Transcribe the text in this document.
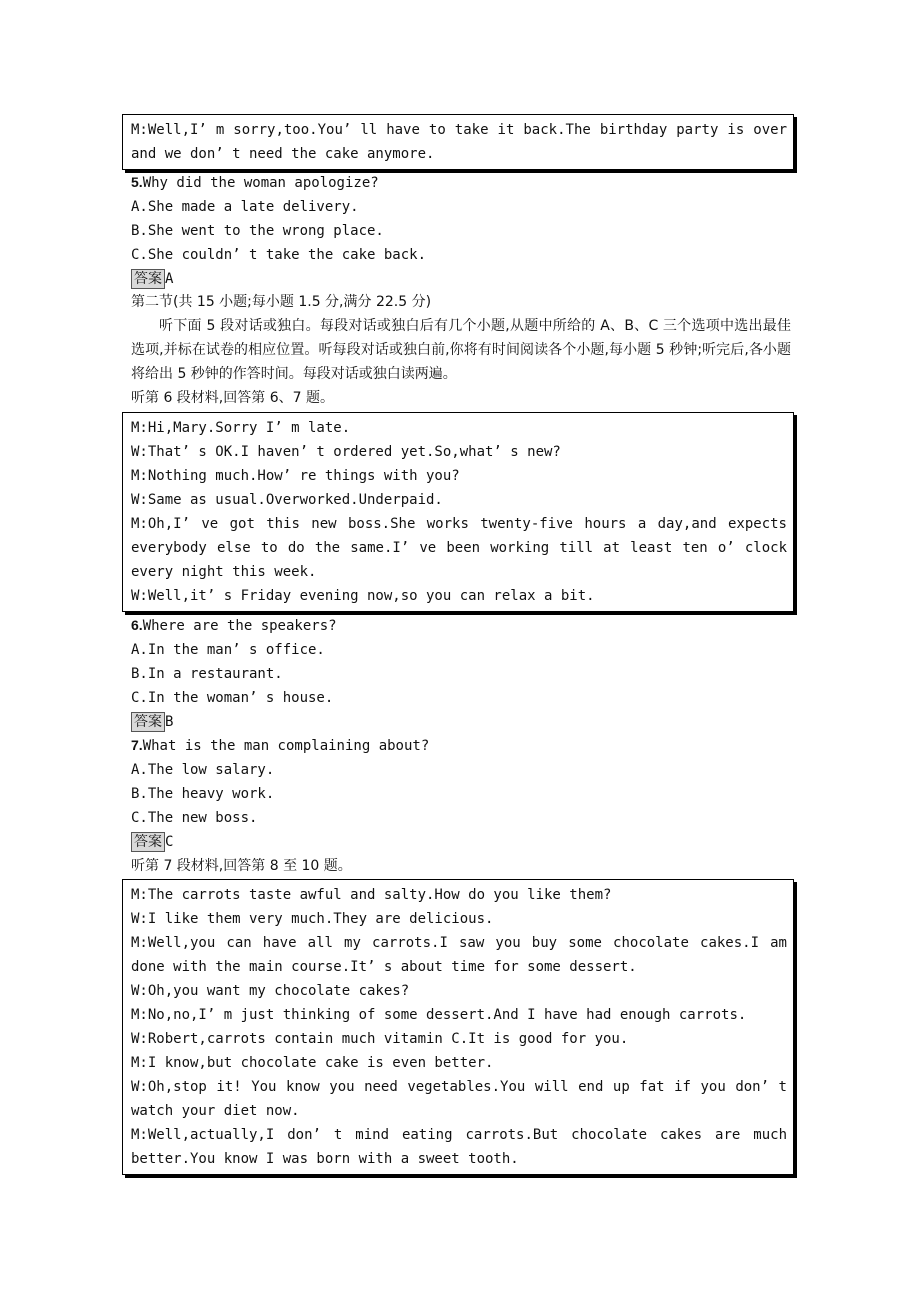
M:Well,I’ m sorry,too.You’ ll have to take it back.The birthday party is over and we don’ t need the cake anymore.
5.Why did the woman apologize?
A.She made a late delivery.
B.She went to the wrong place.
C.She couldn’ t take the cake back.
答案 A
第二节(共 15 小题;每小题 1.5 分,满分 22.5 分)
听下面 5 段对话或独白。每段对话或独白后有几个小题,从题中所给的 A、B、C 三个选项中选出最佳选项,并标在试卷的相应位置。听每段对话或独白前,你将有时间阅读各个小题,每小题 5 秒钟;听完后,各小题将给出 5 秒钟的作答时间。每段对话或独白读两遍。
听第 6 段材料,回答第 6、7 题。
M:Hi,Mary.Sorry I’ m late.
W:That’ s OK.I haven’ t ordered yet.So,what’ s new?
M:Nothing much.How’ re things with you?
W:Same as usual.Overworked.Underpaid.
M:Oh,I’ ve got this new boss.She works twenty-five hours a day,and expects everybody else to do the same.I’ ve been working till at least ten o’ clock every night this week.
W:Well,it’ s Friday evening now,so you can relax a bit.
6.Where are the speakers?
A.In the man’ s office.
B.In a restaurant.
C.In the woman’ s house.
答案 B
7.What is the man complaining about?
A.The low salary.
B.The heavy work.
C.The new boss.
答案 C
听第 7 段材料,回答第 8 至 10 题。
M:The carrots taste awful and salty.How do you like them?
W:I like them very much.They are delicious.
M:Well,you can have all my carrots.I saw you buy some chocolate cakes.I am done with the main course.It’ s about time for some dessert.
W:Oh,you want my chocolate cakes?
M:No,no,I’ m just thinking of some dessert.And I have had enough carrots.
W:Robert,carrots contain much vitamin C.It is good for you.
M:I know,but chocolate cake is even better.
W:Oh,stop it! You know you need vegetables.You will end up fat if you don’ t watch your diet now.
M:Well,actually,I don’ t mind eating carrots.But chocolate cakes are much better.You know I was born with a sweet tooth.
